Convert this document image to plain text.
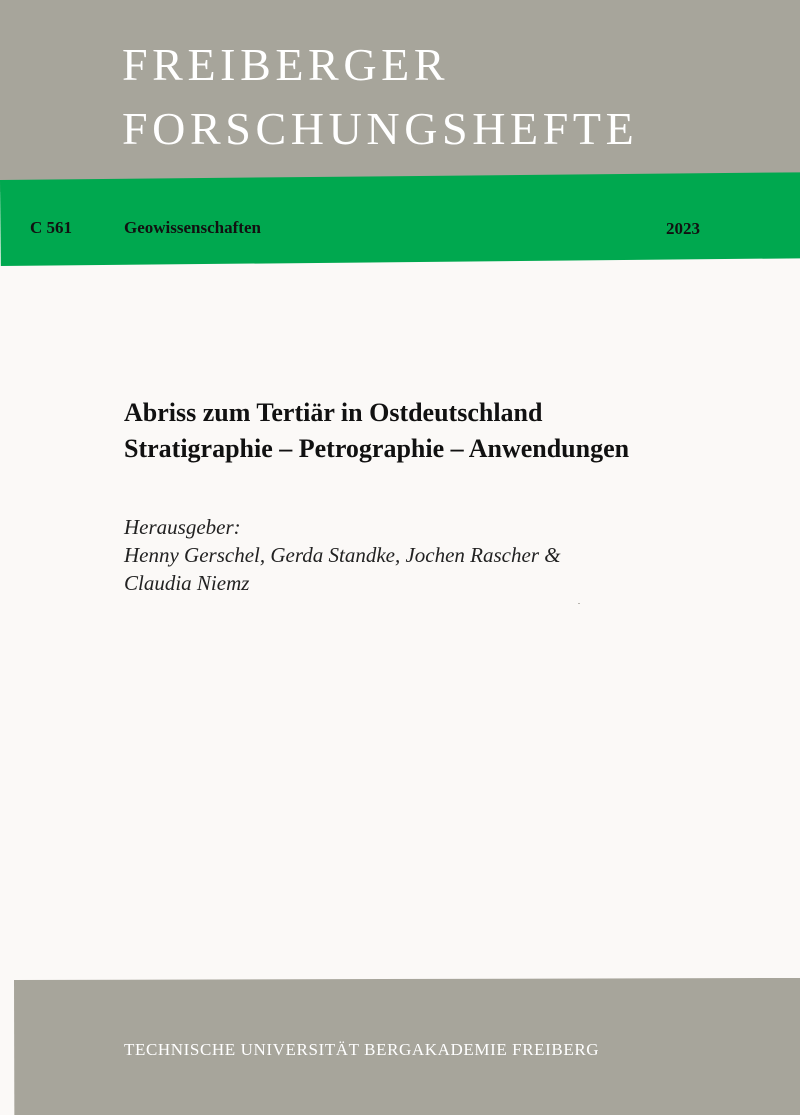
FREIBERGER
FORSCHUNGSHEFTE
C 561	Geowissenschaften	2023
Abriss zum Tertiär in Ostdeutschland
Stratigraphie – Petrographie – Anwendungen
Herausgeber:
Henny Gerschel, Gerda Standke, Jochen Rascher &
Claudia Niemz
TECHNISCHE UNIVERSITÄT BERGAKADEMIE FREIBERG
